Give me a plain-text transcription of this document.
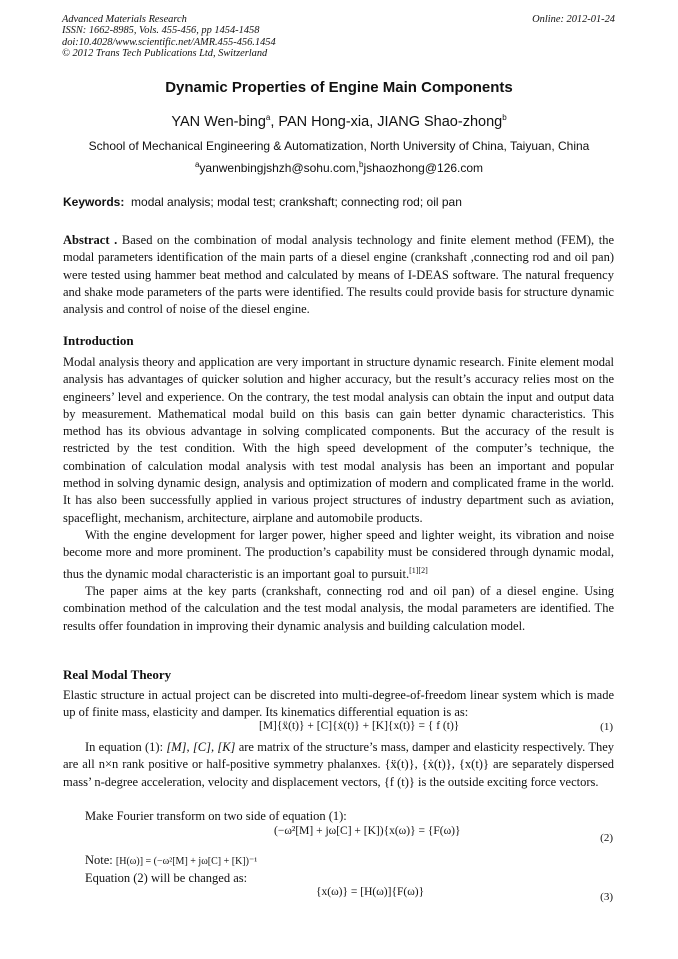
Advanced Materials Research
ISSN: 1662-8985, Vols. 455-456, pp 1454-1458
doi:10.4028/www.scientific.net/AMR.455-456.1454
© 2012 Trans Tech Publications Ltd, Switzerland
Online: 2012-01-24
Dynamic Properties of Engine Main Components
YAN Wen-bing$^a$, PAN Hong-xia, JIANG Shao-zhong$^b$
School of Mechanical Engineering & Automatization, North University of China, Taiyuan, China
$^a$yanwenbingjshzh@sohu.com,$^b$jshaozhong@126.com
Keywords: modal analysis; modal test; crankshaft; connecting rod; oil pan
Abstract . Based on the combination of modal analysis technology and finite element method (FEM), the modal parameters identification of the main parts of a diesel engine (crankshaft ,connecting rod and oil pan) were tested using hammer beat method and calculated by means of I-DEAS software. The natural frequency and shake mode parameters of the parts were identified. The results could provide basis for structure dynamic analysis and control of noise of the diesel engine.
Introduction

Modal analysis theory and application are very important in structure dynamic research. Finite element modal analysis has advantages of quicker solution and higher accuracy, but the result’s accuracy relies most on the engineers’ level and experience. On the contrary, the test modal analysis can obtain the input and output data by measurement. Mathematical modal build on this basis can gain better dynamic characteristics. This method has its obvious advantage in solving complicated components. But the accuracy of the result is restricted by the test condition. With the high speed development of the computer’s technique, the combination of calculation modal analysis with test modal analysis has been an important and popular method in solving dynamic design, analysis and optimization of modern and complicated frame in the world. It has also been successfully applied in various project structures of industry department such as aviation, spaceflight, mechanism, architecture, airplane and automobile products.

With the engine development for larger power, higher speed and lighter weight, its vibration and noise become more and more prominent. The production’s capability must be considered through dynamic modal, thus the dynamic modal characteristic is an important goal to pursuit.[1][2]

The paper aims at the key parts (crankshaft, connecting rod and oil pan) of a diesel engine. Using combination method of the calculation and the test modal analysis, the modal parameters are identified. The results offer foundation in improving their dynamic analysis and building calculation model.

Real Modal Theory
Elastic structure in actual project can be discreted into multi-degree-of-freedom linear system which is made up of finite mass, elasticity and damper. Its kinematics differential equation is as:
[M]{ẍ(t)} + [C]{ẋ(t)} + [K]{x(t)} = { f (t)}	(1)
In equation (1): [M], [C], [K] are matrix of the structure’s mass, damper and elasticity respectively. They are all n×n rank positive or half-positive symmetry phalanxes. {ẍ(t)}, {ẋ(t)}, {x(t)} are separately dispersed mass’ n-degree acceleration, velocity and displacement vectors, {f (t)} is the outside exciting force vectors.
Make Fourier transform on two side of equation (1):
(−ω²[M] + jω[C] + [K]){x(ω)} = {F(ω)}
(2)
Note: [H(ω)] = (−ω²[M] + jω[C] + [K])⁻¹
Equation (2) will be changed as:
{x(ω)} = [H(ω)]{F(ω)}	(3)
